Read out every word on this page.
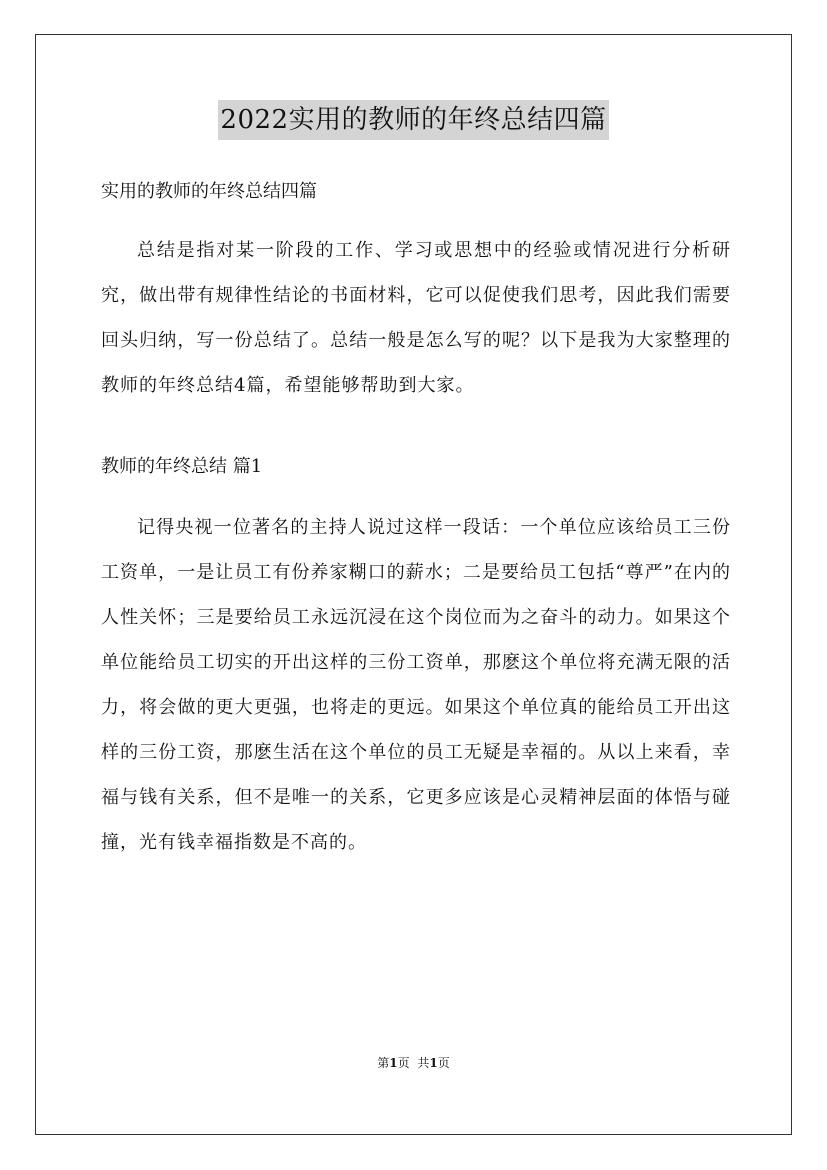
2022实用的教师的年终总结四篇
实用的教师的年终总结四篇

总结是指对某一阶段的工作、学习或思想中的经验或情况进行分析研究，做出带有规律性结论的书面材料，它可以促使我们思考，因此我们需要回头归纳，写一份总结了。总结一般是怎么写的呢？以下是我为大家整理的教师的年终总结4篇，希望能够帮助到大家。

教师的年终总结 篇1

记得央视一位著名的主持人说过这样一段话：一个单位应该给员工三份工资单，一是让员工有份养家糊口的薪水；二是要给员工包括“尊严”在内的人性关怀；三是要给员工永远沉浸在这个岗位而为之奋斗的动力。如果这个单位能给员工切实的开出这样的三份工资单，那麽这个单位将充满无限的活力，将会做的更大更强，也将走的更远。如果这个单位真的能给员工开出这样的三份工资，那麽生活在这个单位的员工无疑是幸福的。从以上来看，幸福与钱有关系，但不是唯一的关系，它更多应该是心灵精神层面的体悟与碰撞，光有钱幸福指数是不高的。

第1页 共1页
